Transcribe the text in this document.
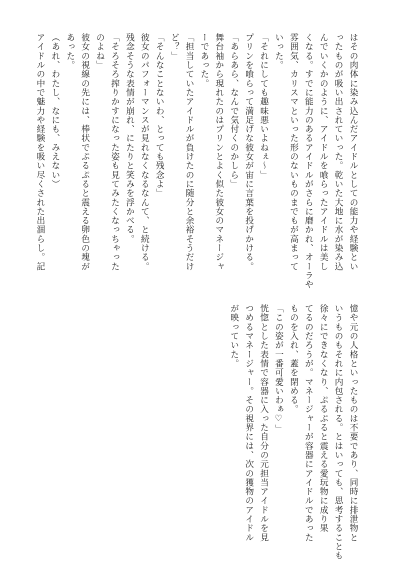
はその肉体に染み込んだアイドルとしての能力や経験とい

ったものが吸い出されていった。乾いた大地に水が染み込

んでいくかのように、アイドルを喰らったアイドルは美し

くなる。すでに能力のあるアイドルがさらに磨かれ、オーラや

雰囲気、カリスマといった形のないものまでもが高まって

いった。

「それにしても趣味悪いよねぇ～」

プリンを喰らって満足げな彼女が宙に言葉を投げかける。

「あらあら、なんで気付くのかしら」

舞台袖から現れたのはプリンとよく似た彼女のマネージャ

ーであった。

「担当していたアイドルが負けたのに随分と余裕そうだけ

ど？」

「そんなことないわ、とっても残念よ」

彼女のパフォーマンスが見れなくなるなんて、と続ける。

残念そうな表情が崩れ、にたりと笑みを浮かべる。

「そろそろ搾りかすになった姿も見てみたくなっちゃった

のよね」

彼女の視線の先には、棒状でぷるぷると震える卵色の塊が

あった。

（あれ、わたし、なにも、みえない）

アイドルの中で魅力や経験を吸い尽くされた出涸らし。記

憶や元の人格といったものは不要であり、同時に排泄物と

いうものもそれに内包される。とはいっても、思考することも

徐々にできなくなり、ぷるぷると震える愛玩物に成り果

てるのだろうが。マネージャーが容器にアイドルであった

ものを入れ、蓋を閉める。

「この姿が一番可愛いわぁ♡」

恍惚とした表情で容器に入った自分の元担当アイドルを見

つめるマネージャー。その視界には、次の獲物のアイドル

が映っていた。
